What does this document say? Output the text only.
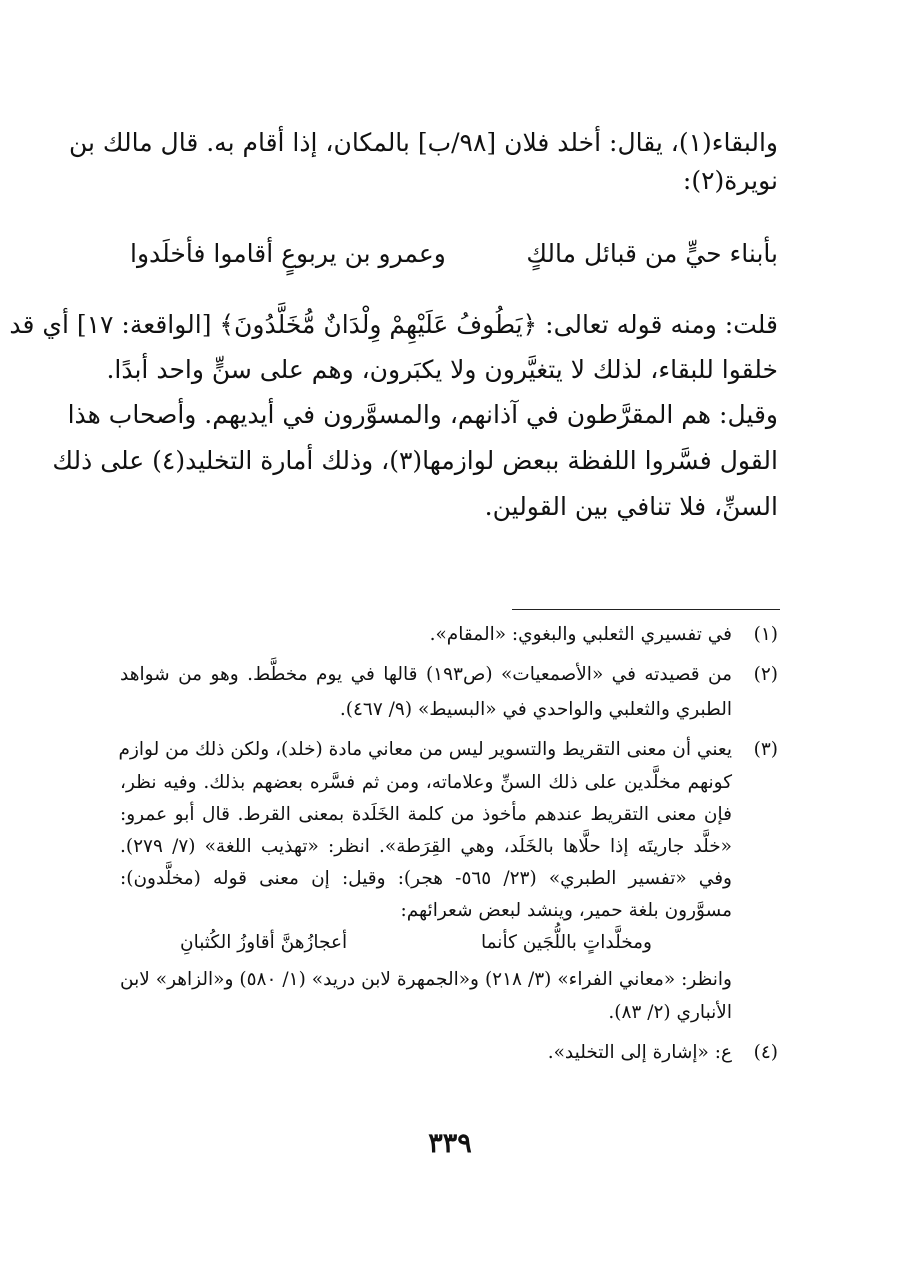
والبقاء(١)، يقال: أخلد فلان [٩٨/ب] بالمكان، إذا أقام به. قال مالك بن
نويرة(٢):
بأبناء حيٍّ من قبائل مالكٍ
وعمرو بن يربوعٍ أقاموا فأخلَدوا
قلت: ومنه قوله تعالى: ﴿يَطُوفُ عَلَيْهِمْ وِلْدَانٌ مُّخَلَّدُونَ﴾ [الواقعة: ١٧] أي قد
خلقوا للبقاء، لذلك لا يتغيَّرون ولا يكبَرون، وهم على سنٍّ واحد أبدًا.
وقيل: هم المقرَّطون في آذانهم، والمسوَّرون في أيديهم. وأصحاب هذا
القول فسَّروا اللفظة ببعض لوازمها(٣)، وذلك أمارة التخليد(٤) على ذلك
السنِّ، فلا تنافي بين القولين.
(١)
في تفسيري الثعلبي والبغوي: «المقام».
(٢)
من قصيدته في «الأصمعيات» (ص١٩٣) قالها في يوم مخطَّط. وهو من شواهد
الطبري والثعلبي والواحدي في «البسيط» (٩/ ٤٦٧).
(٣)
يعني أن معنى التقريط والتسوير ليس من معاني مادة (خلد)، ولكن ذلك من لوازم
كونهم مخلَّدين على ذلك السنِّ وعلاماته، ومن ثم فسَّره بعضهم بذلك. وفيه نظر،
فإن معنى التقريط عندهم مأخوذ من كلمة الخَلَدة بمعنى القرط. قال أبو عمرو:
«خلَّد جاريتَه إذا حلَّاها بالخَلَد، وهي القِرَطة». انظر: «تهذيب اللغة» (٧/ ٢٧٩).
وفي «تفسير الطبري» (٢٣/ ٥٦٥- هجر): وقيل: إن معنى قوله (مخلَّدون):
مسوَّرون بلغة حمير، وينشد لبعض شعرائهم:
ومخلَّداتٍ باللُّجَين كأنما
أعجازُهنَّ أقاوزُ الكُثبانِ
وانظر: «معاني الفراء» (٣/ ٢١٨) و«الجمهرة لابن دريد» (١/ ٥٨٠) و«الزاهر» لابن
الأنباري (٢/ ٨٣).
(٤)
ع: «إشارة إلى التخليد».
٣٣٩
